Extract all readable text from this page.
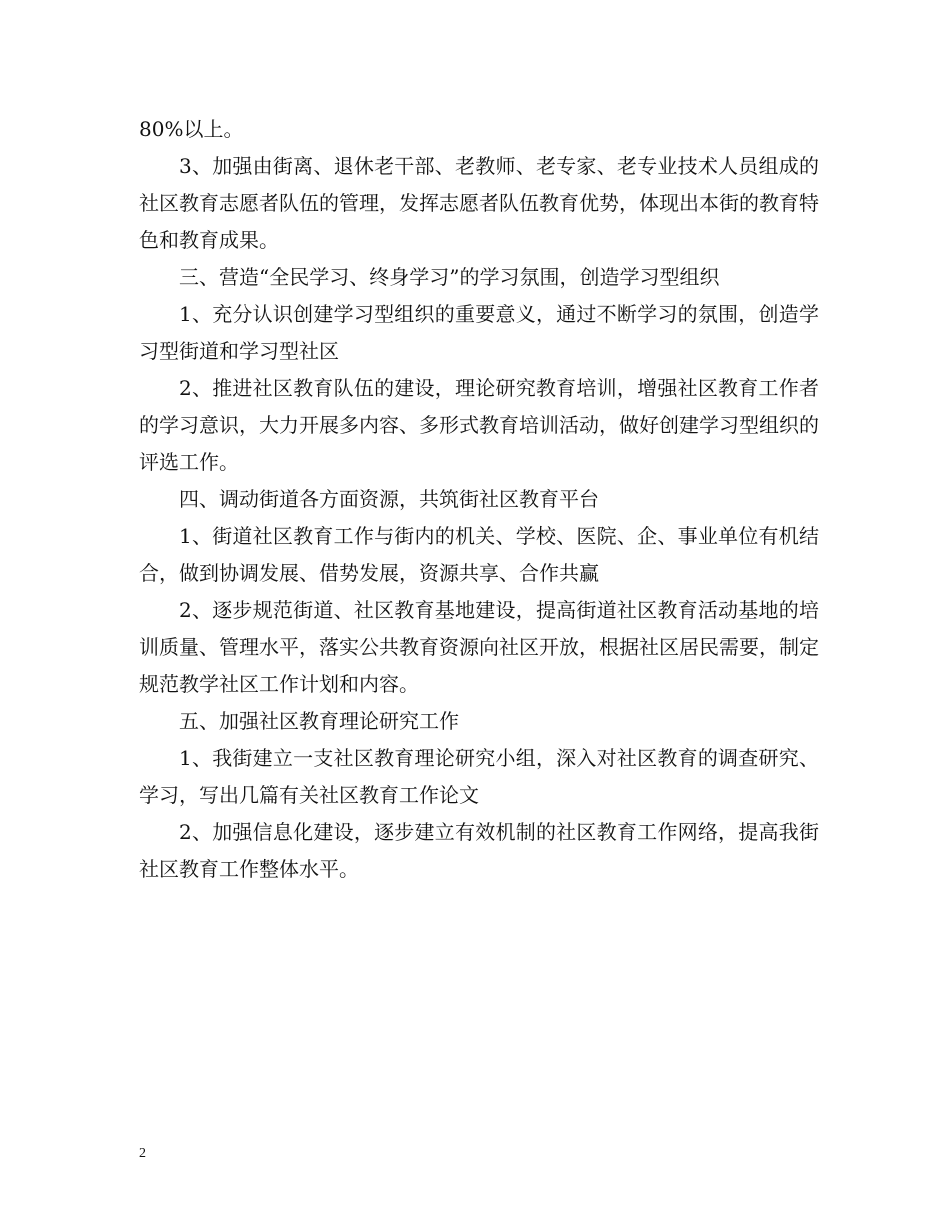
80%以上。

3、加强由街离、退休老干部、老教师、老专家、老专业技术人员组成的社区教育志愿者队伍的管理，发挥志愿者队伍教育优势，体现出本街的教育特色和教育成果。

三、营造“全民学习、终身学习”的学习氛围，创造学习型组织

1、充分认识创建学习型组织的重要意义，通过不断学习的氛围，创造学习型街道和学习型社区

2、推进社区教育队伍的建设，理论研究教育培训，增强社区教育工作者的学习意识，大力开展多内容、多形式教育培训活动，做好创建学习型组织的评选工作。

四、调动街道各方面资源，共筑街社区教育平台

1、街道社区教育工作与街内的机关、学校、医院、企、事业单位有机结合，做到协调发展、借势发展，资源共享、合作共赢

2、逐步规范街道、社区教育基地建设，提高街道社区教育活动基地的培训质量、管理水平，落实公共教育资源向社区开放，根据社区居民需要，制定规范教学社区工作计划和内容。

五、加强社区教育理论研究工作

1、我街建立一支社区教育理论研究小组，深入对社区教育的调查研究、学习，写出几篇有关社区教育工作论文

2、加强信息化建设，逐步建立有效机制的社区教育工作网络，提高我街社区教育工作整体水平。

2
